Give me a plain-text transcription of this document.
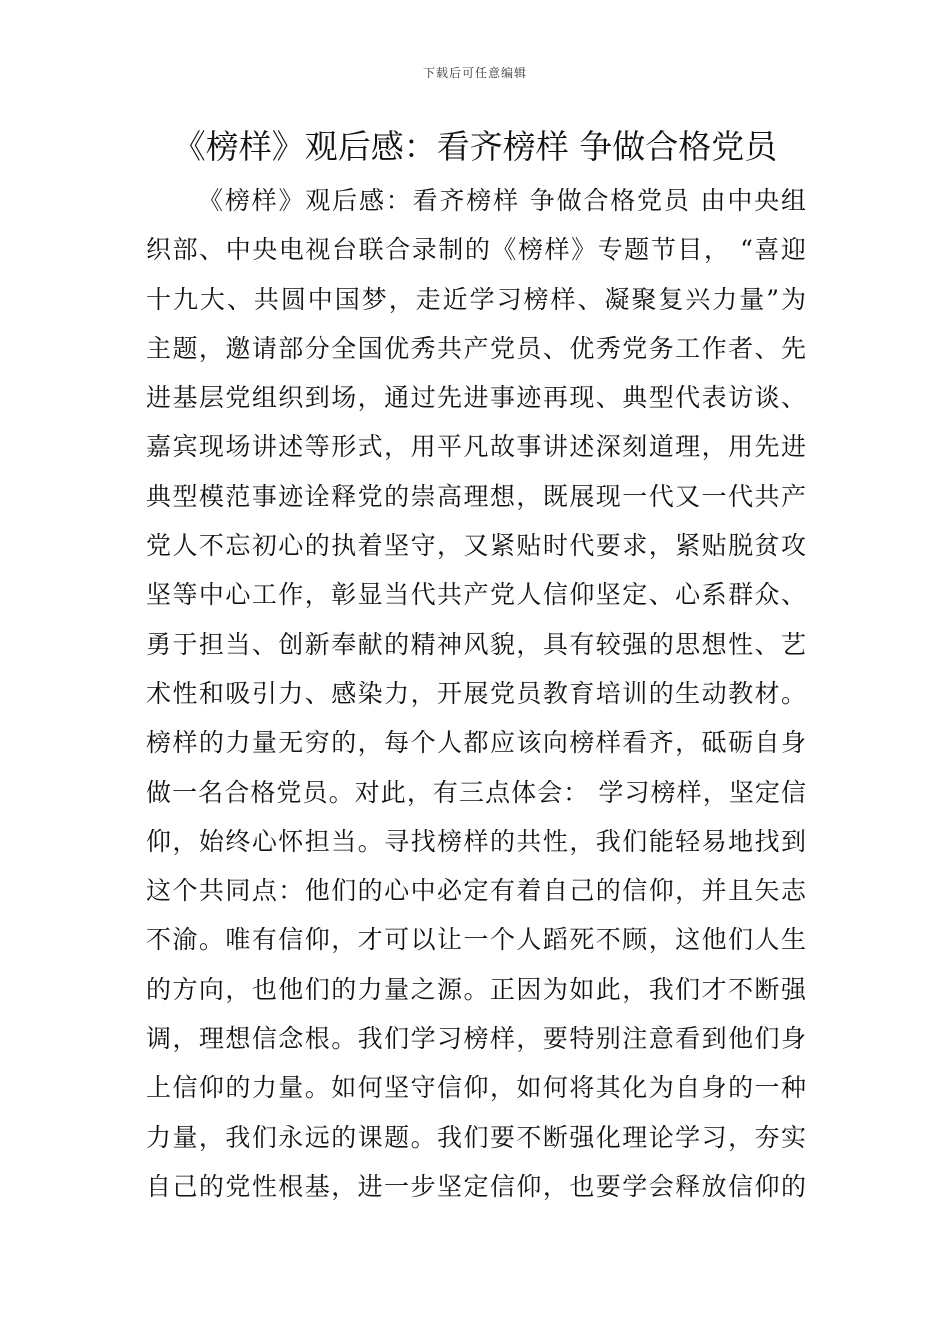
下载后可任意编辑
《榜样》观后感：看齐榜样 争做合格党员
《榜样》观后感：看齐榜样 争做合格党员 由中央组
织部、中央电视台联合录制的《榜样》专题节目， “喜迎
十九大、共圆中国梦，走近学习榜样、凝聚复兴力量”为
主题，邀请部分全国优秀共产党员、优秀党务工作者、先
进基层党组织到场，通过先进事迹再现、典型代表访谈、
嘉宾现场讲述等形式，用平凡故事讲述深刻道理，用先进
典型模范事迹诠释党的崇高理想，既展现一代又一代共产
党人不忘初心的执着坚守，又紧贴时代要求，紧贴脱贫攻
坚等中心工作，彰显当代共产党人信仰坚定、心系群众、
勇于担当、创新奉献的精神风貌，具有较强的思想性、艺
术性和吸引力、感染力，开展党员教育培训的生动教材。
榜样的力量无穷的，每个人都应该向榜样看齐，砥砺自身
做一名合格党员。对此，有三点体会： 学习榜样，坚定信
仰，始终心怀担当。寻找榜样的共性，我们能轻易地找到
这个共同点：他们的心中必定有着自己的信仰，并且矢志
不渝。唯有信仰，才可以让一个人蹈死不顾，这他们人生
的方向，也他们的力量之源。正因为如此，我们才不断强
调，理想信念根。我们学习榜样，要特别注意看到他们身
上信仰的力量。如何坚守信仰，如何将其化为自身的一种
力量，我们永远的课题。我们要不断强化理论学习，夯实
自己的党性根基，进一步坚定信仰，也要学会释放信仰的
